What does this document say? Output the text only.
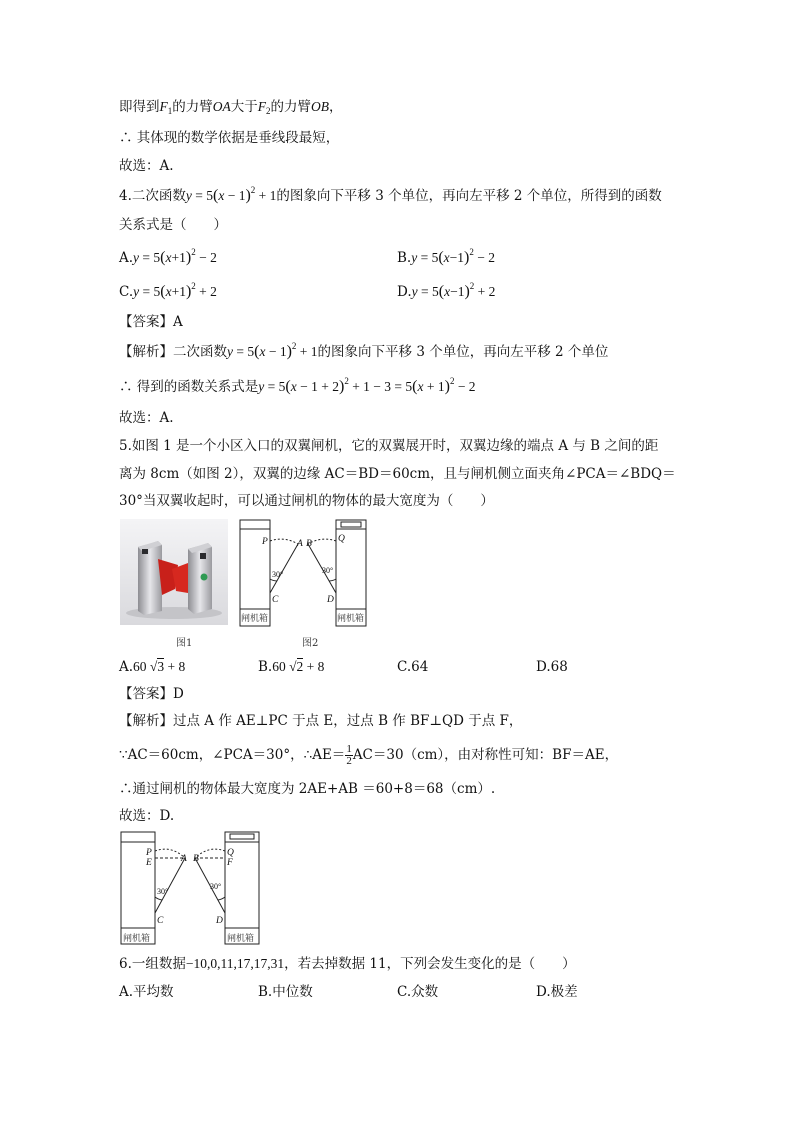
即得到$F_1$的力臂OA大于$F_2$的力臂OB，
∴ 其体现的数学依据是垂线段最短，
故选：A.
4.二次函数$y = 5(x - 1)^2 + 1$的图象向下平移 3 个单位，再向左平移 2 个单位，所得到的函数
关系式是（　　）
$A.y = 5(x+1)^2 - 2$	$B.y = 5(x-1)^2 - 2$
$C.y = 5(x+1)^2 + 2$	$D.y = 5(x-1)^2 + 2$
【答案】A
【解析】二次函数$y = 5(x - 1)^2 + 1$的图象向下平移 3 个单位，再向左平移 2 个单位
∴ 得到的函数关系式是$y = 5(x - 1 + 2)^2 + 1 - 3 = 5(x + 1)^2 - 2$
故选：A.
5.如图 1 是一个小区入口的双翼闸机，它的双翼展开时，双翼边缘的端点 A 与 B 之间的距
离为 8cm（如图 2），双翼的边缘 AC＝BD＝60cm，且与闸机侧立面夹角∠PCA＝∠BDQ＝
30°当双翼收起时，可以通过闸机的物体的最大宽度为（　　）
图1
P	A B	Q
C	D
30°	30°
闸机箱	闸机箱
图2
A.60 √3 + 8	B.60 √2 + 8	C.64	D.68
【答案】D
【解析】过点 A 作 AE⊥PC 于点 E，过点 B 作 BF⊥QD 于点 F，
∵AC＝60cm，∠PCA＝30°，∴AE＝ $\frac{1}{2} AC=30(cm)$，由对称性可知：BF＝AE，
∴通过闸机的物体最大宽度为 2AE+AB ＝60+8＝68（cm）.
故选：D.
P
E	A B
Q
F
C	D
30°
30°
闸机箱	闸机箱
6.一组数据−10,0,11,17,17,31，若去掉数据 11，下列会发生变化的是（　　）
A.平均数	B.中位数	C.众数	D.极差
